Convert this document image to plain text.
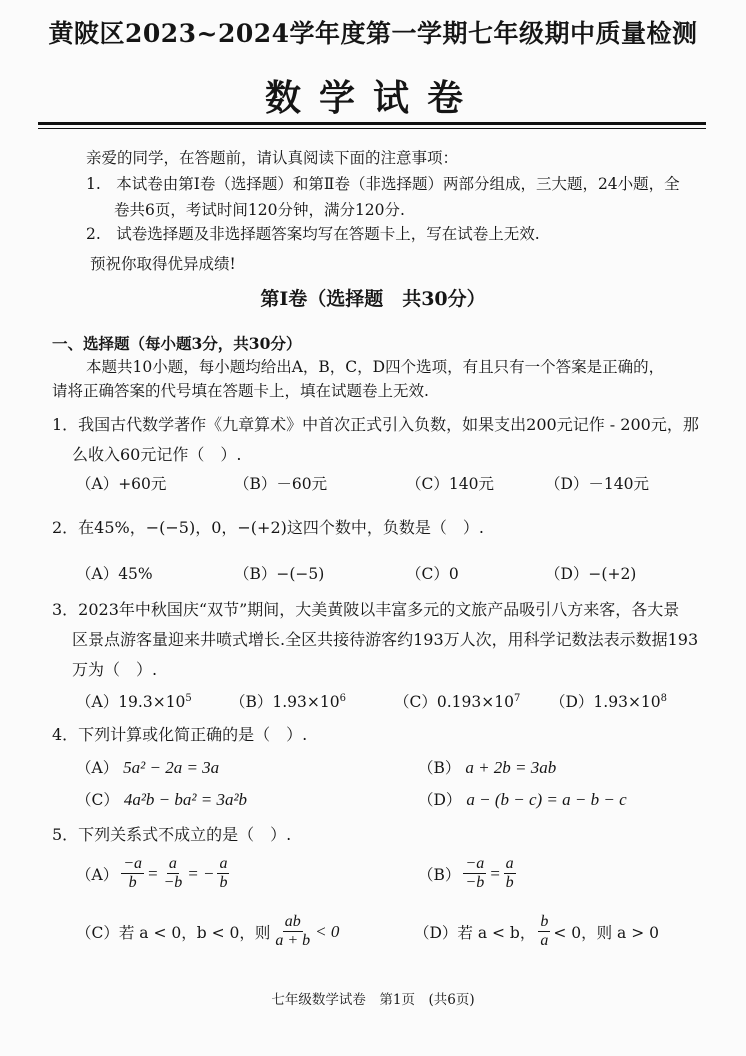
黄陂区2023~2024学年度第一学期七年级期中质量检测
数学试卷
亲爱的同学，在答题前，请认真阅读下面的注意事项：
1.　本试卷由第Ⅰ卷（选择题）和第Ⅱ卷（非选择题）两部分组成，三大题，24小题，全
卷共6页，考试时间120分钟，满分120分.
2.　试卷选择题及非选择题答案均写在答题卡上，写在试卷上无效.
预祝你取得优异成绩!
第Ⅰ卷（选择题　共30分）
一、选择题（每小题3分，共30分）
本题共10小题，每小题均给出A，B，C，D四个选项，有且只有一个答案是正确的，
请将正确答案的代号填在答题卡上，填在试题卷上无效.
1．我国古代数学著作《九章算术》中首次正式引入负数，如果支出200元记作 - 200元，那
么收入60元记作（　）.
（A）+60元	（B）－60元	（C）140元	（D）－140元
2．在45%，−(−5)，0，−(+2)这四个数中，负数是（　）.
（A）45%	（B）−(−5)	（C）0	（D）−(+2)
3．2023年中秋国庆“双节”期间，大美黄陂以丰富多元的文旅产品吸引八方来客，各大景
区景点游客量迎来井喷式增长.全区共接待游客约193万人次，用科学记数法表示数据193
万为（　）.
$(A)19.3\times 10^5$ $(B)1.93\times 10^6$	$(C)0.193\times 10^7$ $(D)1.93\times 10^8$
4．下列计算或化简正确的是（　）.
（A） 5a² − 2a = 3a	（B） a + 2b = 3ab
（C） 4a²b − ba² = 3a²b	（D） a − (b − c) = a − b − c
5．下列关系式不成立的是（　）.
$(A) \frac{-a}{b} = \frac{a}{-b}$ = − $\frac{a}{b}$	$(B) \frac{-a}{-b} = \frac{a}{b}$
（C）若 a < 0，b < 0，则 $\frac{ab}{a + b} < 0$	（D）若 a < b， $\frac{b}{a} < 0$，则 a > 0
七年级数学试卷　第1页　(共6页)
